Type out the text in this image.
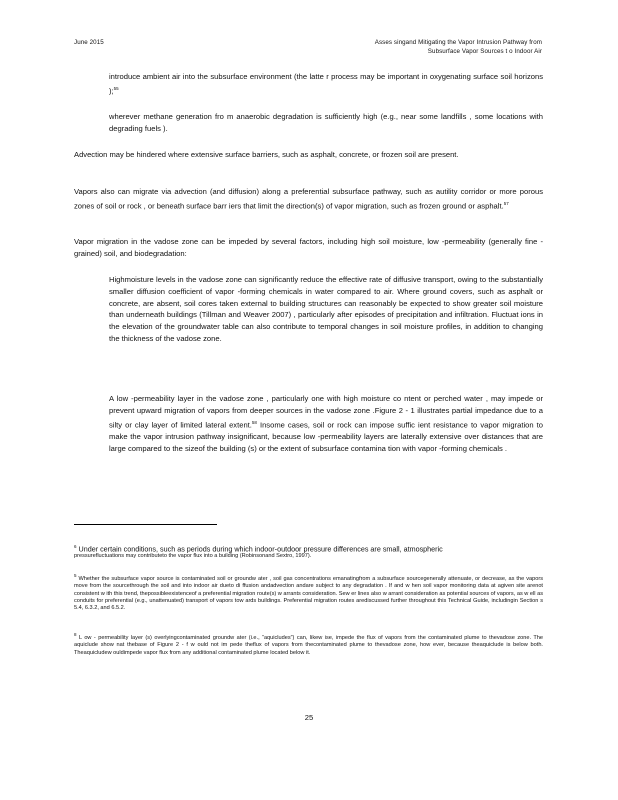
June 2015	Asses singand Mitigating the Vapor Intrusion Pathway from
Subsurface Vapor Sources t o Indoor Air
introduce ambient air into the subsurface environment (the latte r process may be important in oxygenating surface soil horizons );$^{55}$
wherever methane generation fro m anaerobic degradation is sufficiently high (e.g., near some landfills , some locations with degrading fuels ).
Advection may be hindered where extensive surface barriers, such as asphalt, concrete, or frozen soil are present.
Vapors also can migrate via advection (and diffusion) along a preferential subsurface pathway, such as autility corridor or more porous zones of soil or rock , or beneath surface barr iers that limit the direction(s) of vapor migration, such as frozen ground or asphalt.$^{57}$
Vapor migration in the vadose zone can be impeded by several factors, including high soil moisture, low -permeability (generally fine -grained) soil, and biodegradation:
Highmoisture levels in the vadose zone can significantly reduce the effective rate of diffusive transport, owing to the substantially smaller diffusion coefficient of vapor -forming chemicals in water compared to air. Where ground covers, such as asphalt or concrete, are absent, soil cores taken external to building structures can reasonably be expected to show greater soil moisture than underneath buildings (Tillman and Weaver 2007) , particularly after episodes of precipitation and infiltration. Fluctuat ions in the elevation of the groundwater table can also contribute to temporal changes in soil moisture profiles, in addition to changing the thickness of the vadose zone.
A low -permeability layer in the vadose zone , particularly one with high moisture co ntent or perched water , may impede or prevent upward migration of vapors from deeper sources in the vadose zone .Figure 2 - 1 illustrates partial impedance due to a silty or clay layer of limited lateral extent.$^{58}$ Insome cases, soil or rock can impose suffic ient resistance to vapor migration to make the vapor intrusion pathway insignificant, because low -permeability layers are laterally extensive over distances that are large compared to the sizeof the building (s) or the extent of subsurface contamina tion with vapor -forming chemicals .
$^6$ Under certain conditions, such as periods during which indoor-outdoor pressure differences are small, atmospheric
pressurefluctuations may contributeto the vapor flux into a building (Robinsonand Sextro, 1997).
$^5$ Whether the subsurface vapor source is contaminated soil or groundw ater , soil gas concentrations emanatingfrom a subsurface sourcegenerally attenuate, or decrease, as the vapors move from the sourcethrough the soil and into indoor air dueto di ffusion andadvection andare subject to any degradation . If and w hen soil vapor monitoring data at agiven site arenot consistent w ith this trend, thepossibleexistenceof a preferential migration route(s) w arrants consideration. Sew er lines also w arrant consideration as potential sources of vapors, as w ell as conduits for preferential (e.g., unattenuated) transport of vapors tow ards buildings. Preferential migration routes arediscussed further throughout this Technical Guide, includingin Section s 5.4, 6.3.2, and 6.5.2.
$^8$ L ow - permeability layer (s) overlyingcontaminated groundw ater (i.e., “aquicludes”) can, likew ise, impede the flux of vapors from the contaminated plume to thevadose zone. The aquiclude show nat thebase of Figure 2 - f w ould not im pede theflux of vapors from thecontaminated plume to thevadose zone, how ever, because theaquiclude is below both. Theaquicludew ouldimpede vapor flux from any additional contaminated plume located below it.
25
